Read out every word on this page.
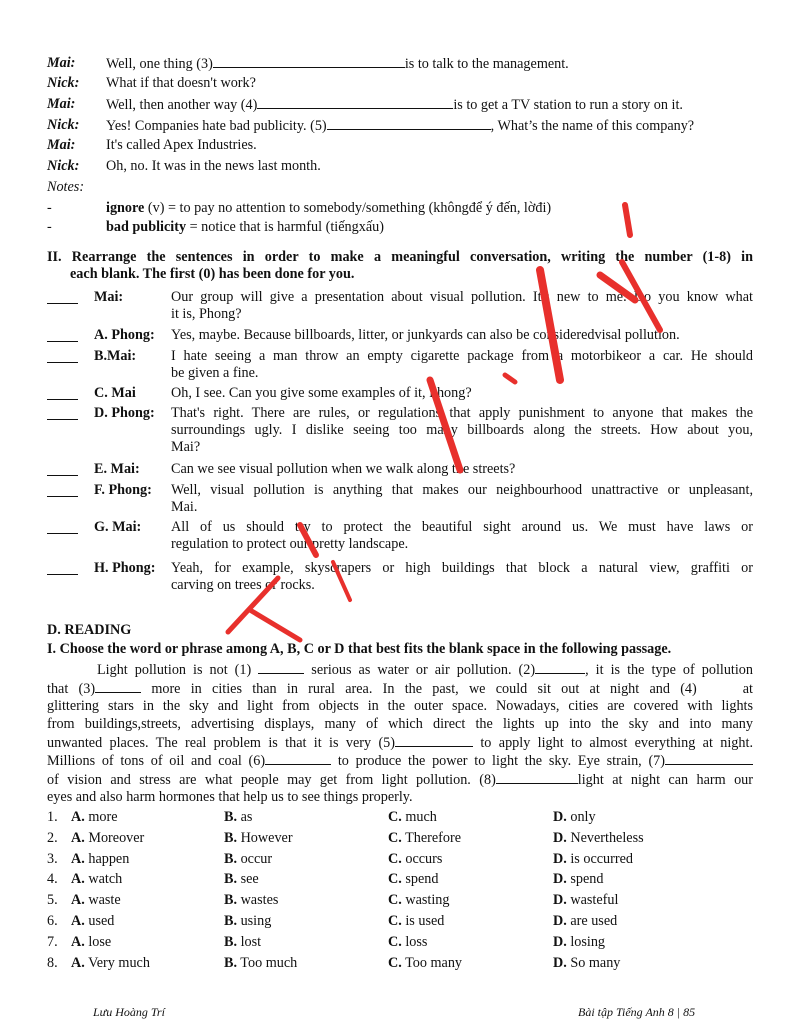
Mai: Well, one thing (3)	is to talk to the management.
Nick: What if that doesn't work?
Mai: Well, then another way (4)	is to get a TV station to run a story on it.
Nick: Yes! Companies hate bad publicity. (5)	, What’s the name of this company?
Mai: It's called Apex Industries.
Nick: Oh, no. It was in the news last month.
Notes:
-	ignore (v) = to pay no attention to somebody/something (khôngđể ý đến, lờđi)
-	bad publicity = notice that is harmful (tiếngxấu)
II. Rearrange the sentences in order to make a meaningful conversation, writing the number (1-8) in
each blank. The first (0) has been done for you.
Mai:	Our group will give a presentation about visual pollution. It's new to me. Do you know what
it is, Phong?
A. Phong: Yes, maybe. Because billboards, litter, or junkyards can also be consideredvisal pollution.
B.Mai: I hate seeing a man throw an empty cigarette package from a motorbikeor a car. He should
be given a fine.
C. Mai Oh, I see. Can you give some examples of it, Phong?
D. Phong: That's right. There are rules, or regulations that apply punishment to anyone that makes the
surroundings ugly. I dislike seeing too many billboards along the streets. How about you,
Mai?
E. Mai: Can we see visual pollution when we walk along the streets?
F. Phong: Well, visual pollution is anything that makes our neighbourhood unattractive or unpleasant,
Mai.
G. Mai: All of us should try to protect the beautiful sight around us. We must have laws or
regulation to protect our pretty landscape.
H. Phong: Yeah, for example, skyscrapers or high buildings that block a natural view, graffiti or
carving on trees or rocks.
D. READING
I. Choose the word or phrase among A, B, C or D that best fits the blank space in the following passage.
Light pollution is not (1)	serious as water or air pollution. (2)	, it is the type of pollution
that (3)	more in cities than in rural area. In the past, we could sit out at night and (4)	at
glittering stars in the sky and light from objects in the outer space. Nowadays, cities are covered with lights
from buildings,streets, advertising displays, many of which direct the lights up into the sky and into many
unwanted places. The real problem is that it is very (5)	to apply light to almost everything at night.
Millions of tons of oil and coal (6)	to produce the power to light the sky. Eye strain, (7)
of vision and stress are what people may get from light pollution. (8)	light at night can harm our
eyes and also harm hormones that help us to see things properly.
1. A. more	B. as	C. much	D. only
2. A. Moreover	B. However	C. Therefore	D. Nevertheless
3. A. happen	B. occur	C. occurs	D. is occurred
4. A. watch	B. see	C. spend	D. spend
5. A. waste	B. wastes	C. wasting	D. wasteful
6. A. used	B. using	C. is used	D. are used
7. A. lose	B. lost	C. loss	D. losing
8. A. Very much	B. Too much	C. Too many	D. So many
Lưu Hoàng Trí	Bài tập Tiếng Anh 8 | 85
